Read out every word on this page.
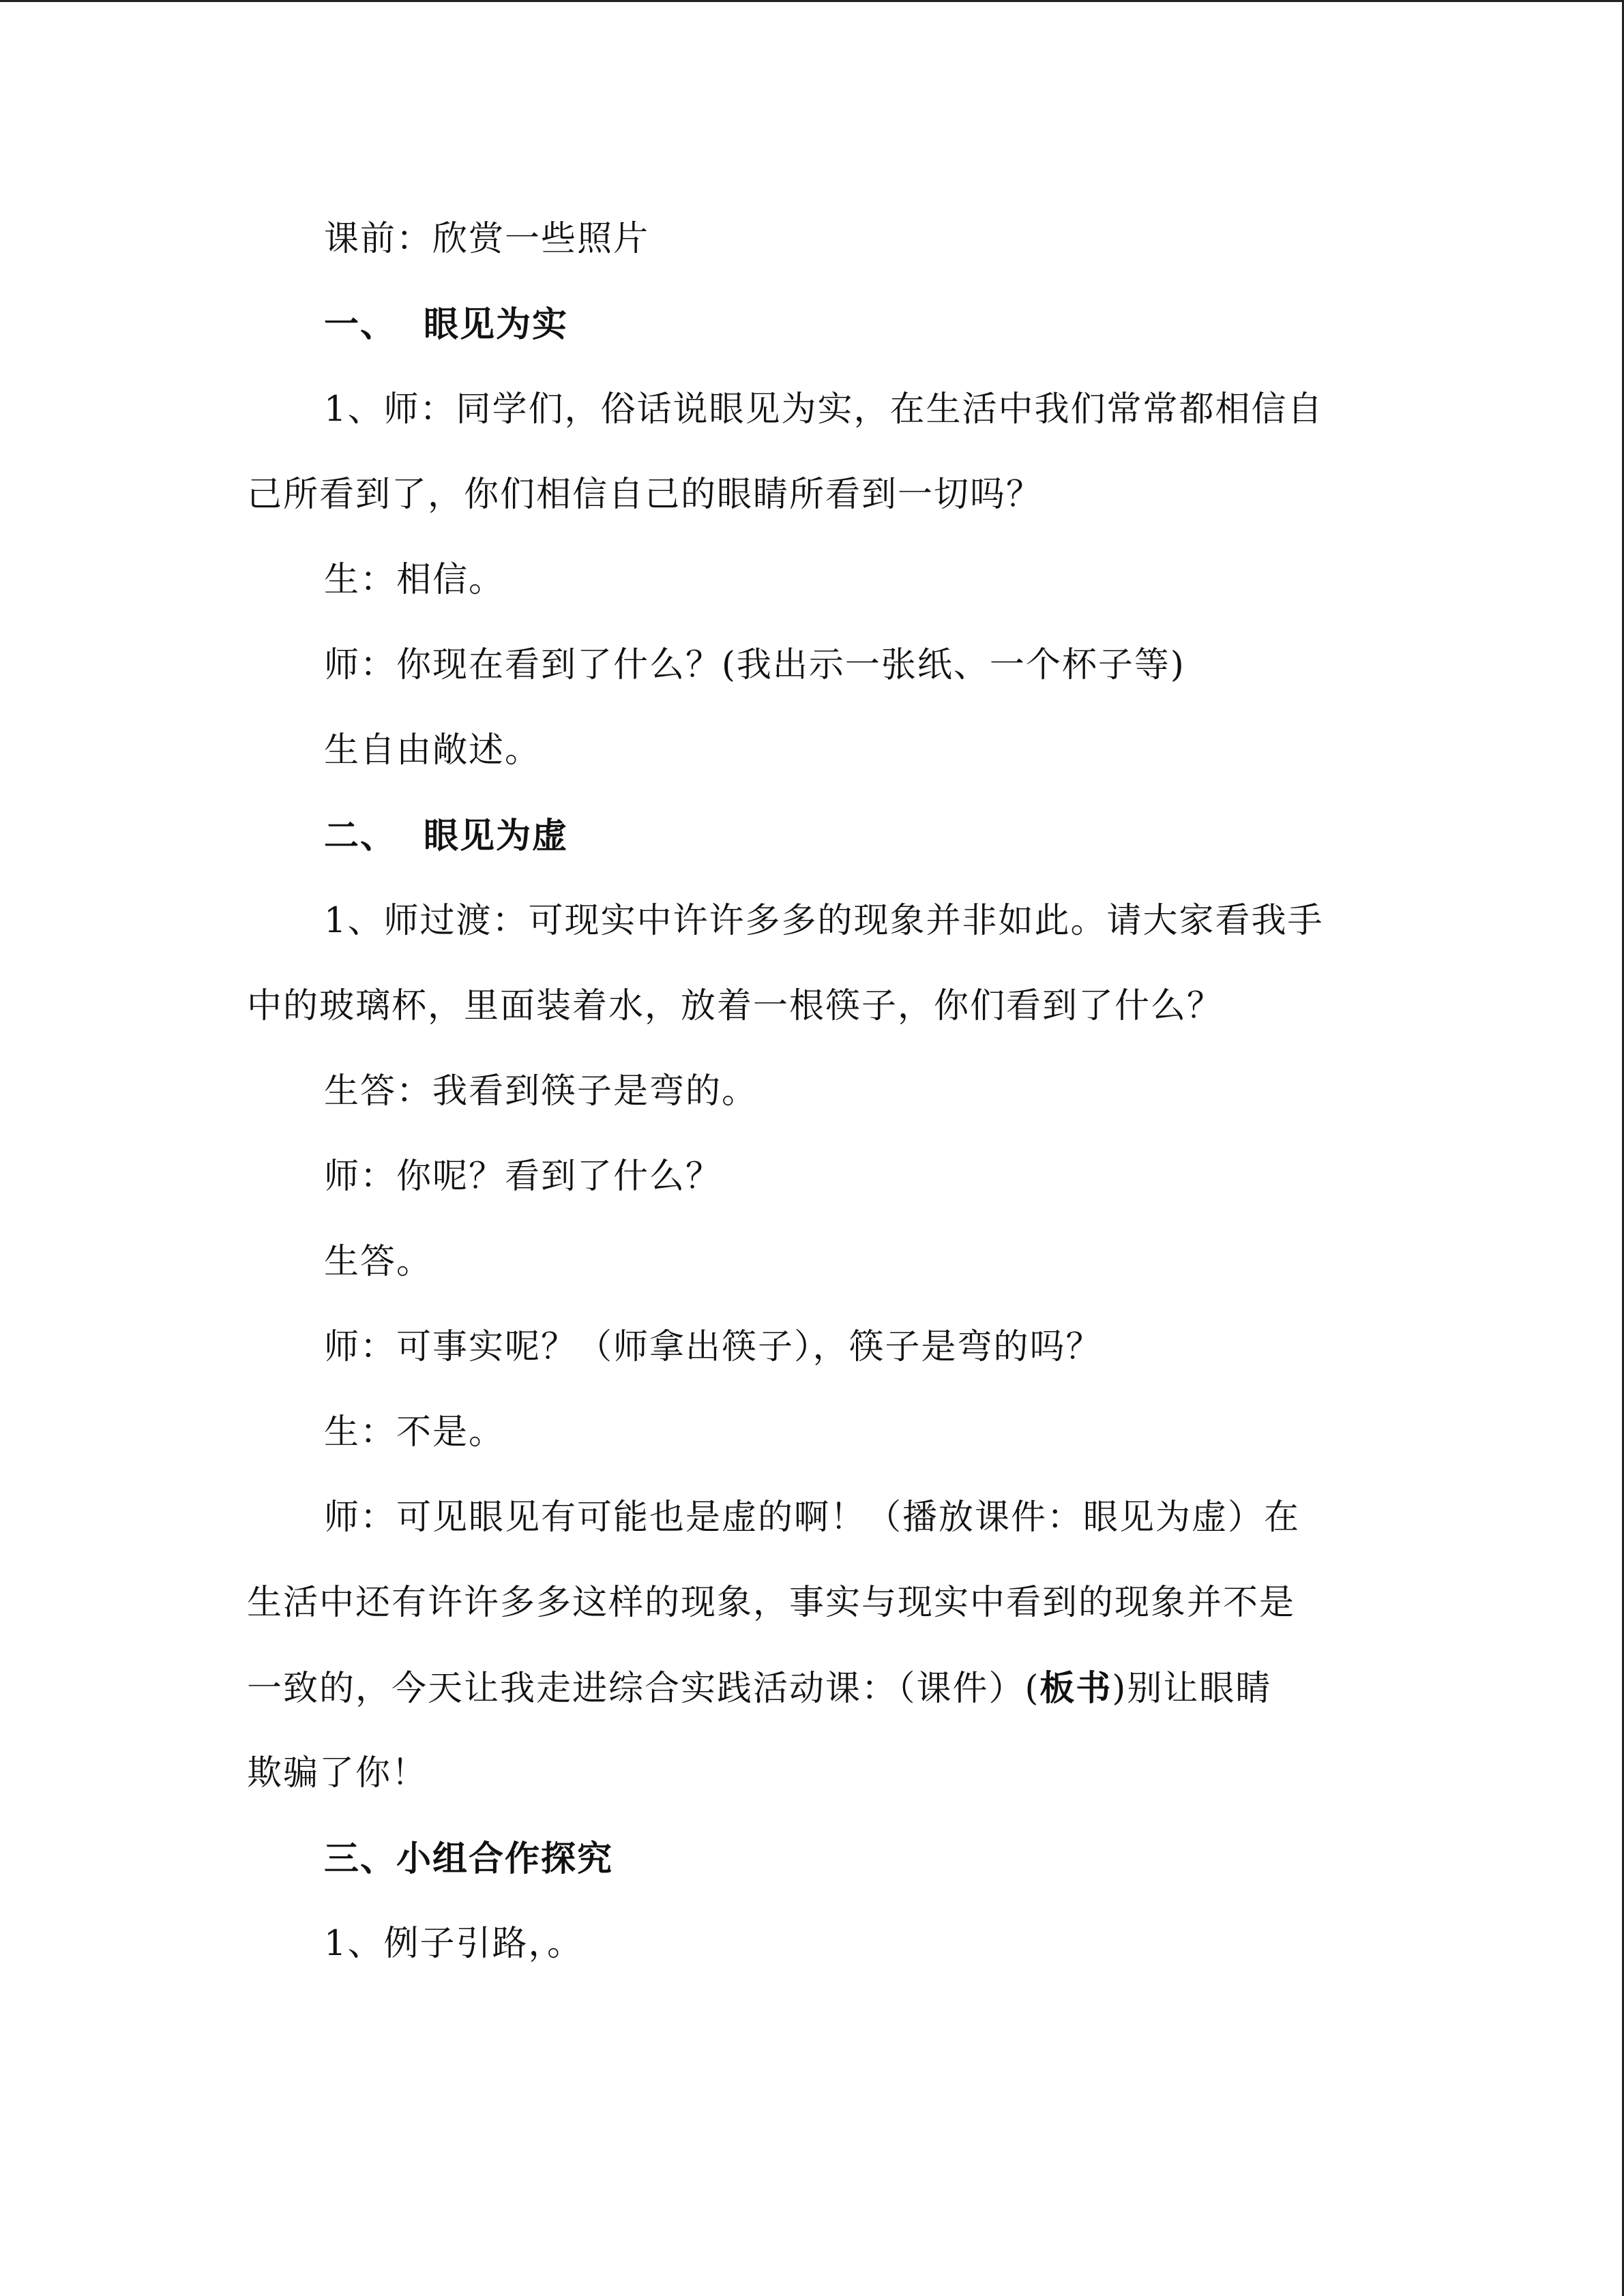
课前：欣赏一些照片
一、 眼见为实
1、师：同学们，俗话说眼见为实，在生活中我们常常都相信自
己所看到了，你们相信自己的眼睛所看到一切吗？
生：相信。
师：你现在看到了什么？(我出示一张纸、一个杯子等)
生自由敞述。
二、 眼见为虚
1、师过渡：可现实中许许多多的现象并非如此。请大家看我手
中的玻璃杯，里面装着水，放着一根筷子，你们看到了什么？
生答：我看到筷子是弯的。
师：你呢？看到了什么？
生答。
师：可事实呢？（师拿出筷子），筷子是弯的吗？
生：不是。
师：可见眼见有可能也是虚的啊！（播放课件：眼见为虚）在
生活中还有许许多多这样的现象，事实与现实中看到的现象并不是
一致的，今天让我走进综合实践活动课：（课件）(板书)别让眼睛
欺骗了你！
三、小组合作探究
1、例子引路，。
